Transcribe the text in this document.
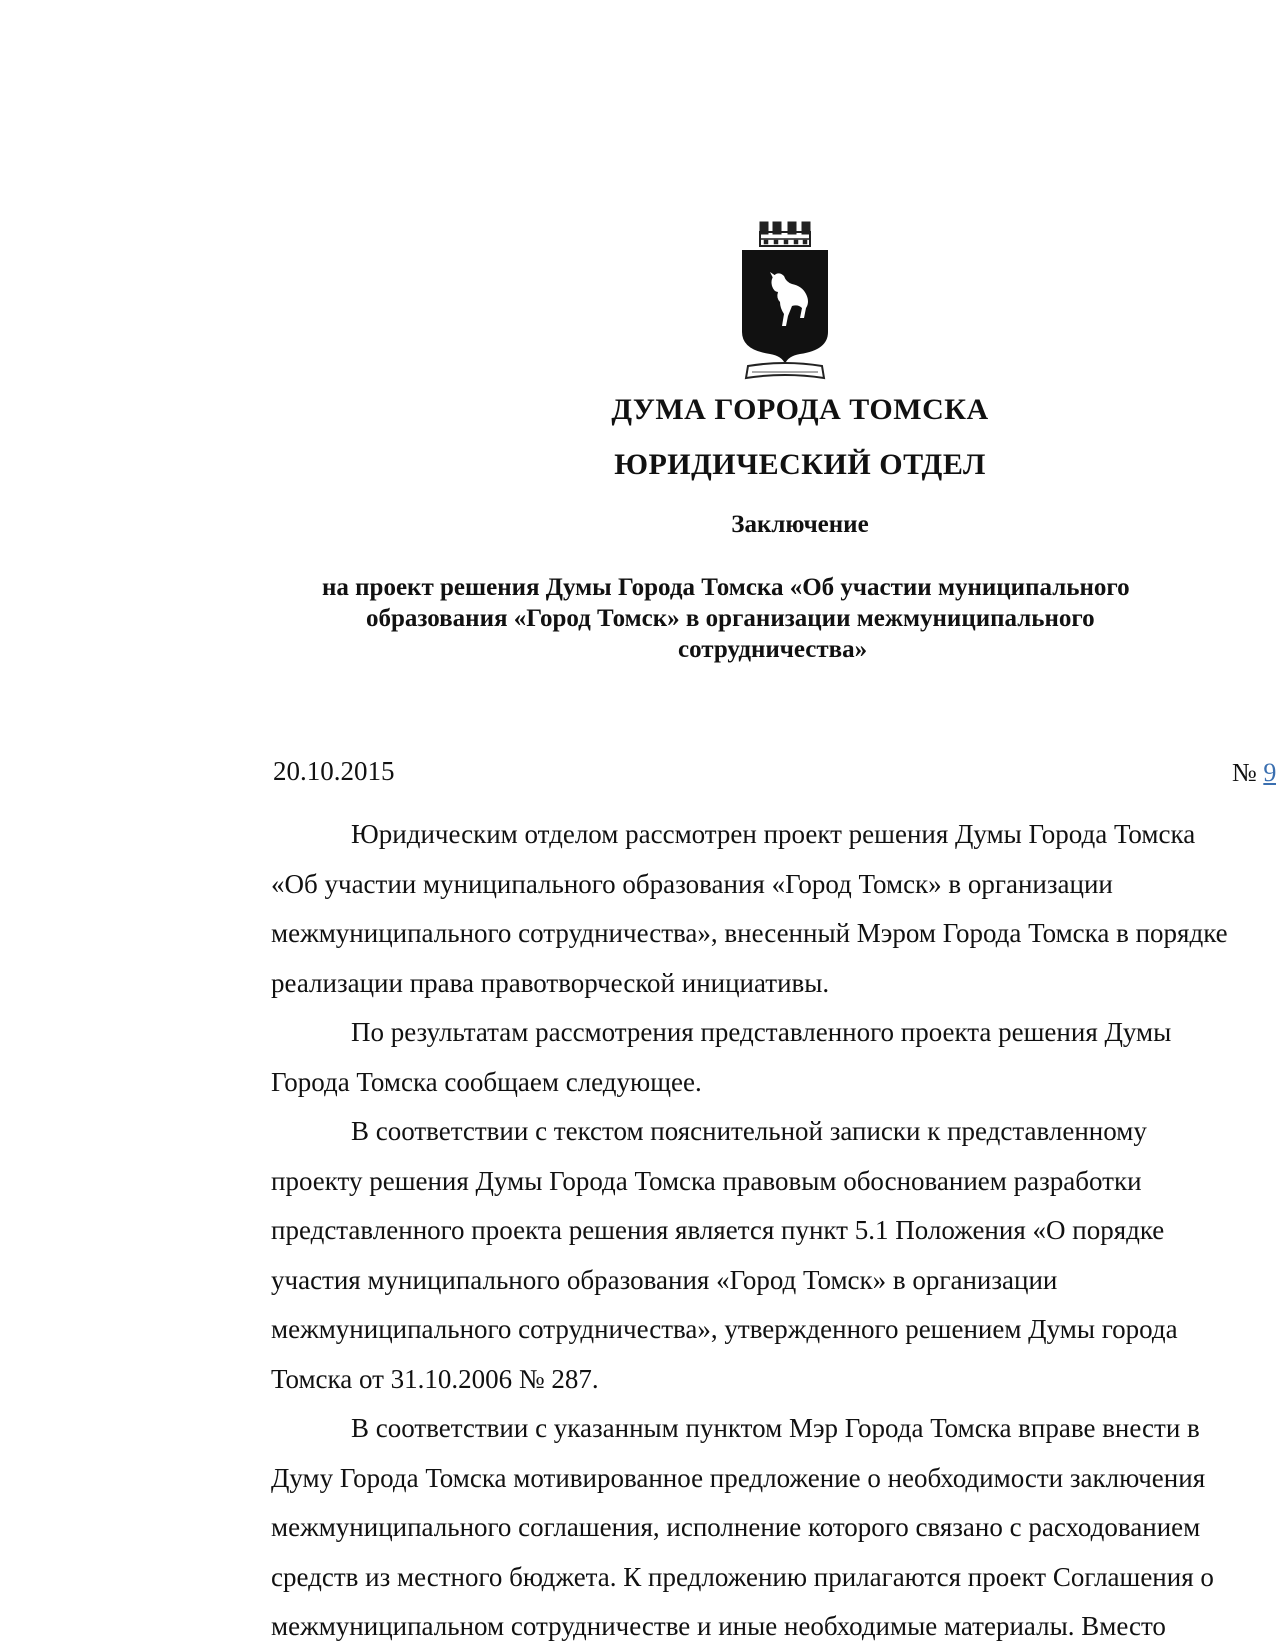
ДУМА ГОРОДА ТОМСКА
ЮРИДИЧЕСКИЙ ОТДЕЛ
Заключение
на проект решения Думы Города Томска «Об участии муниципального
образования «Город Томск» в организации межмуниципального
сотрудничества»
20.10.2015	№ 9
Юридическим отделом рассмотрен проект решения Думы Города Томска
«Об участии муниципального образования «Город Томск» в организации
межмуниципального сотрудничества», внесенный Мэром Города Томска в порядке
реализации права правотворческой инициативы.
По результатам рассмотрения представленного проекта решения Думы
Города Томска сообщаем следующее.
В соответствии с текстом пояснительной записки к представленному
проекту решения Думы Города Томска правовым обоснованием разработки
представленного проекта решения является пункт 5.1 Положения «О порядке
участия муниципального образования «Город Томск» в организации
межмуниципального сотрудничества», утвержденного решением Думы города
Томска от 31.10.2006 № 287.
В соответствии с указанным пунктом Мэр Города Томска вправе внести в
Думу Города Томска мотивированное предложение о необходимости заключения
межмуниципального соглашения, исполнение которого связано с расходованием
средств из местного бюджета. К предложению прилагаются проект Соглашения о
межмуниципальном сотрудничестве и иные необходимые материалы. Вместо
